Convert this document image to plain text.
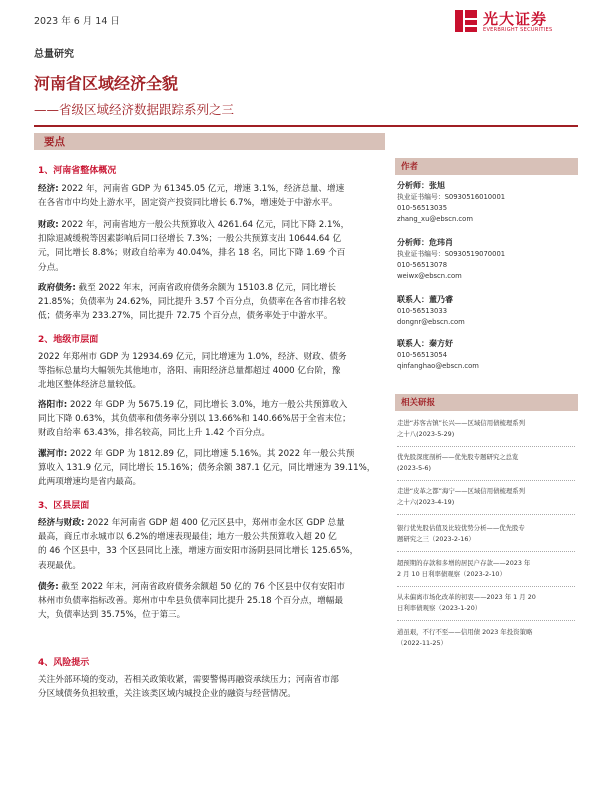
2023 年 6 月 14 日	光大证券
EVERBRIGHT SECURITIES
总量研究
河南省区域经济全貌
——省级区域经济数据跟踪系列之三
要点
1、河南省整体概况
经济: 2022 年，河南省 GDP 为 61345.05 亿元，增速 3.1%，经济总量、增速
在各省市中均处上游水平，固定资产投资同比增长 6.7%，增速处于中游水平。
财政: 2022 年，河南省地方一般公共预算收入 4261.64 亿元，同比下降 2.1%，
扣除退减缓税等因素影响后同口径增长 7.3%；一般公共预算支出 10644.64 亿
元，同比增长 8.8%；财政自给率为 40.04%，排名 18 名，同比下降 1.69 个百
分点。
政府债务: 截至 2022 年末，河南省政府债务余额为 15103.8 亿元，同比增长
21.85%；负债率为 24.62%，同比提升 3.57 个百分点，负债率在各省市排名较
低；债务率为 233.27%，同比提升 72.75 个百分点，债务率处于中游水平。
2、地级市层面
2022 年郑州市 GDP 为 12934.69 亿元，同比增速为 1.0%，经济、财政、债务
等指标总量均大幅领先其他地市，洛阳、南阳经济总量都超过 4000 亿台阶，豫
北地区整体经济总量较低。
洛阳市: 2022 年 GDP 为 5675.19 亿，同比增长 3.0%，地方一般公共预算收入
同比下降 0.63%，其负债率和债务率分别以 13.66%和 140.66%居于全省末位；
财政自给率 63.43%，排名较高，同比上升 1.42 个百分点。
漯河市: 2022 年 GDP 为 1812.89 亿，同比增速 5.16%。其 2022 年一般公共预
算收入 131.9 亿元，同比增长 15.16%；债务余额 387.1 亿元，同比增速为 39.11%，
此两项增速均是省内最高。
3、区县层面
经济与财政: 2022 年河南省 GDP 超 400 亿元区县中，郑州市金水区 GDP 总量
最高，商丘市永城市以 6.2%的增速表现最佳；地方一般公共预算收入超 20 亿
的 46 个区县中，33 个区县同比上涨，增速方面安阳市汤阴县同比增长 125.65%，
表现最优。
债务: 截至 2022 年末，河南省政府债务余额超 50 亿的 76 个区县中仅有安阳市
林州市负债率指标改善。郑州市中牟县负债率同比提升 25.18 个百分点，增幅最
大，负债率达到 35.75%，位于第三。
4、风险提示
关注外部环境的变动，若相关政策收紧，需要警惕再融资承续压力；河南省市部
分区域债务负担较重，关注该类区域内城投企业的融资与经营情况。
作者
分析师：张旭
执业证书编号：S0930516010001
010-56513035
zhang_xu@ebscn.com
分析师：危玮肖
执业证书编号：S0930519070001
010-56513078
weiwx@ebscn.com
联系人：董乃睿
010-56513033
dongnr@ebscn.com
联系人：秦方好
010-56513054
qinfanghao@ebscn.com
相关研报
走进“苏客古镇”长兴——区域信用债梳理系列
之十八(2023-5-29)
优先股深度剖析——优先股专题研究之总览
(2023-5-6)
走进“皮革之都”海宁——区域信用债梳理系列
之十六(2023-4-19)
银行优先股估值及比较优势分析——优先股专
题研究之三（2023-2-16）
超预期的存款和多增的居民户存款——2023 年
2 月 10 日利率债观察（2023-2-10）
从未偏离市场化改革的初衷——2023 年 1 月 20
日利率债观察（2023-1-20）
道虽艰，不行不至——信用债 2023 年投资策略
（2022-11-25）
